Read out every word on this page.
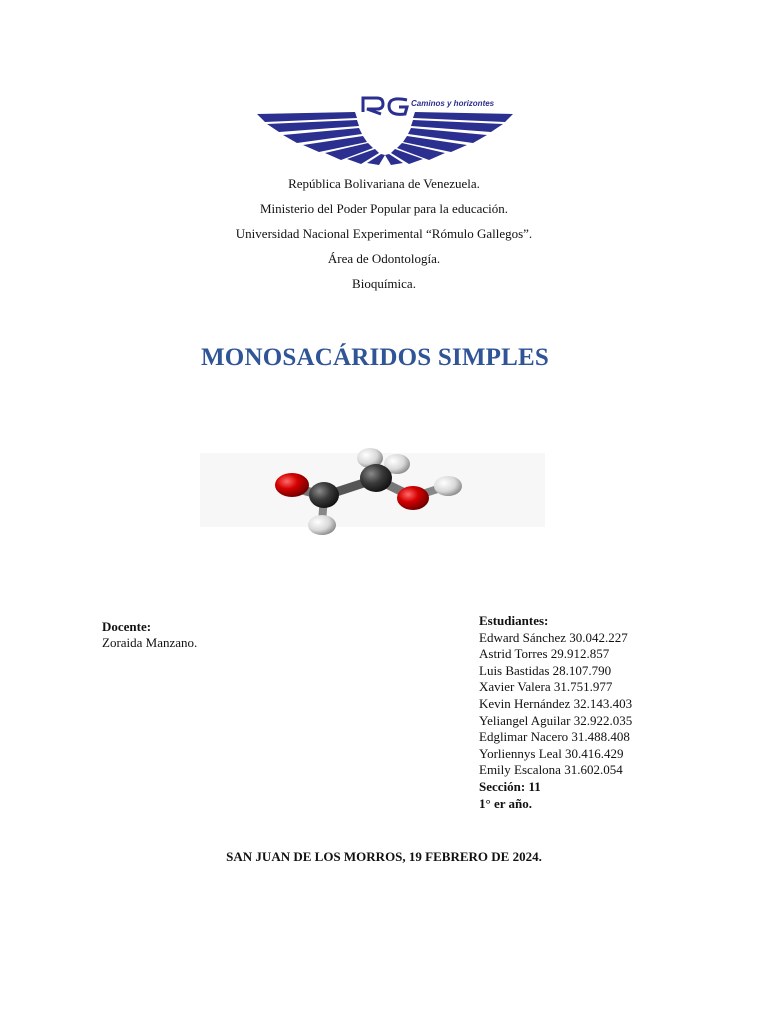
Caminos y horizontes
República Bolivariana de Venezuela.
Ministerio del Poder Popular para la educación.
Universidad Nacional Experimental “Rómulo Gallegos”.
Área de Odontología.
Bioquímica.
MONOSACÁRIDOS SIMPLES
Docente:
Zoraida Manzano.
Estudiantes:
Edward Sánchez 30.042.227
Astrid Torres 29.912.857
Luis Bastidas 28.107.790
Xavier Valera 31.751.977
Kevin Hernández 32.143.403
Yeliangel Aguilar 32.922.035
Edglimar Nacero 31.488.408
Yorliennys Leal 30.416.429
Emily Escalona 31.602.054
Sección: 11
1° er año.
SAN JUAN DE LOS MORROS, 19 FEBRERO DE 2024.
